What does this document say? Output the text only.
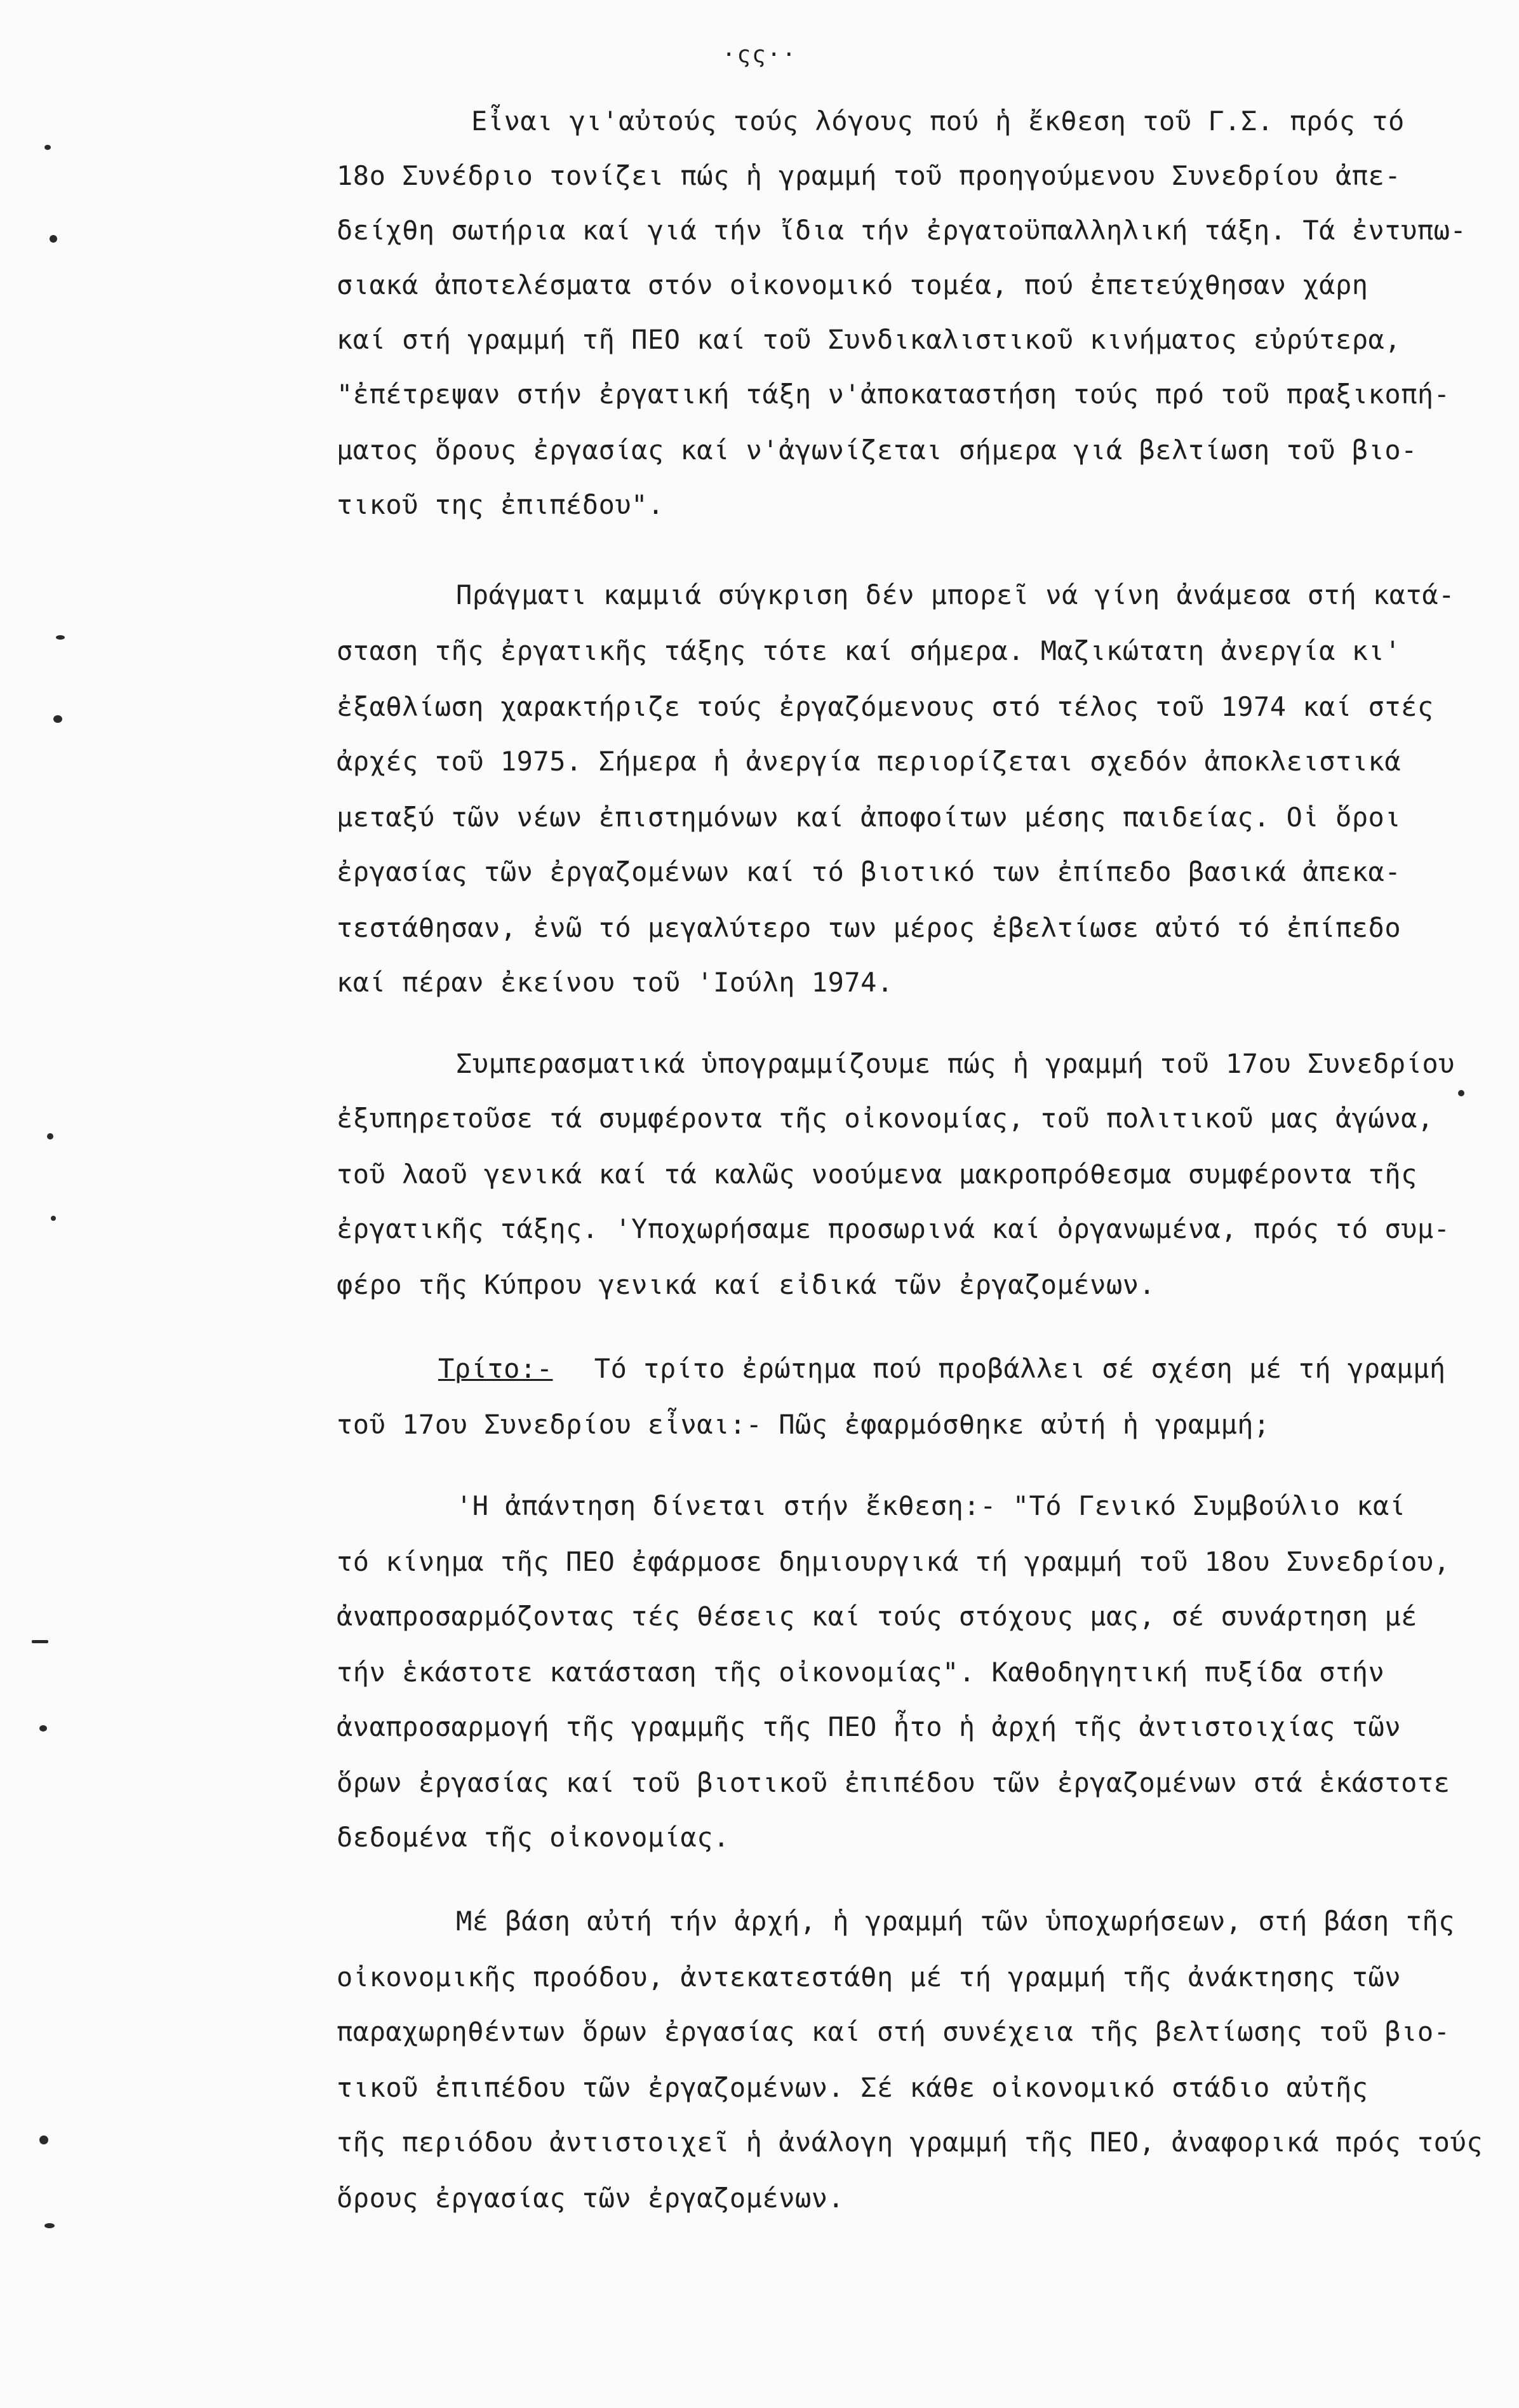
·ςς··
Εἶναι γι'αὐτούς τούς λόγους πού ἡ ἔκθεση τοῦ Γ.Σ. πρός τό
18ο Συνέδριο τονίζει πώς ἡ γραμμή τοῦ προηγούμενου Συνεδρίου ἀπε-
δείχθη σωτήρια καί γιά τήν ἴδια τήν ἐργατοϋπαλληλική τάξη. Τά ἐντυπω-
σιακά ἀποτελέσματα στόν οἰκονομικό τομέα, πού ἐπετεύχθησαν χάρη
καί στή γραμμή τῆ ΠΕΟ καί τοῦ Συνδικαλιστικοῦ κινήματος εὐρύτερα,
"ἐπέτρεψαν στήν ἐργατική τάξη ν'ἀποκαταστήση τούς πρό τοῦ πραξικοπή-
ματος ὅρους ἐργασίας καί ν'ἀγωνίζεται σήμερα γιά βελτίωση τοῦ βιο-
τικοῦ της ἐπιπέδου".
Πράγματι καμμιά σύγκριση δέν μπορεῖ νά γίνη ἀνάμεσα στή κατά-
σταση τῆς ἐργατικῆς τάξης τότε καί σήμερα. Μαζικώτατη ἀνεργία κι'
ἐξαθλίωση χαρακτήριζε τούς ἐργαζόμενους στό τέλος τοῦ 1974 καί στές
ἀρχές τοῦ 1975. Σήμερα ἡ ἀνεργία περιορίζεται σχεδόν ἀποκλειστικά
μεταξύ τῶν νέων ἐπιστημόνων καί ἀποφοίτων μέσης παιδείας. Οἱ ὅροι
ἐργασίας τῶν ἐργαζομένων καί τό βιοτικό των ἐπίπεδο βασικά ἀπεκα-
τεστάθησαν, ἐνῶ τό μεγαλύτερο των μέρος ἐβελτίωσε αὐτό τό ἐπίπεδο
καί πέραν ἐκείνου τοῦ 'Ιούλη 1974.
Συμπερασματικά ὑπογραμμίζουμε πώς ἡ γραμμή τοῦ 17ου Συνεδρίου
ἐξυπηρετοῦσε τά συμφέροντα τῆς οἰκονομίας, τοῦ πολιτικοῦ μας ἀγώνα,
τοῦ λαοῦ γενικά καί τά καλῶς νοούμενα μακροπρόθεσμα συμφέροντα τῆς
ἐργατικῆς τάξης. 'Υποχωρήσαμε προσωρινά καί ὀργανωμένα, πρός τό συμ-
φέρο τῆς Κύπρου γενικά καί εἰδικά τῶν ἐργαζομένων.
Τρίτο:- Τό τρίτο ἐρώτημα πού προβάλλει σέ σχέση μέ τή γραμμή
τοῦ 17ου Συνεδρίου εἶναι:- Πῶς ἐφαρμόσθηκε αὐτή ἡ γραμμή;
'Η ἀπάντηση δίνεται στήν ἔκθεση:- "Τό Γενικό Συμβούλιο καί
τό κίνημα τῆς ΠΕΟ ἐφάρμοσε δημιουργικά τή γραμμή τοῦ 18ου Συνεδρίου,
ἀναπροσαρμόζοντας τές θέσεις καί τούς στόχους μας, σέ συνάρτηση μέ
τήν ἑκάστοτε κατάσταση τῆς οἰκονομίας". Καθοδηγητική πυξίδα στήν
ἀναπροσαρμογή τῆς γραμμῆς τῆς ΠΕΟ ἦτο ἡ ἀρχή τῆς ἀντιστοιχίας τῶν
ὅρων ἐργασίας καί τοῦ βιοτικοῦ ἐπιπέδου τῶν ἐργαζομένων στά ἑκάστοτε
δεδομένα τῆς οἰκονομίας.
Μέ βάση αὐτή τήν ἀρχή, ἡ γραμμή τῶν ὑποχωρήσεων, στή βάση τῆς
οἰκονομικῆς προόδου, ἀντεκατεστάθη μέ τή γραμμή τῆς ἀνάκτησης τῶν
παραχωρηθέντων ὅρων ἐργασίας καί στή συνέχεια τῆς βελτίωσης τοῦ βιο-
τικοῦ ἐπιπέδου τῶν ἐργαζομένων. Σέ κάθε οἰκονομικό στάδιο αὐτῆς
τῆς περιόδου ἀντιστοιχεῖ ἡ ἀνάλογη γραμμή τῆς ΠΕΟ, ἀναφορικά πρός τούς
ὅρους ἐργασίας τῶν ἐργαζομένων.
